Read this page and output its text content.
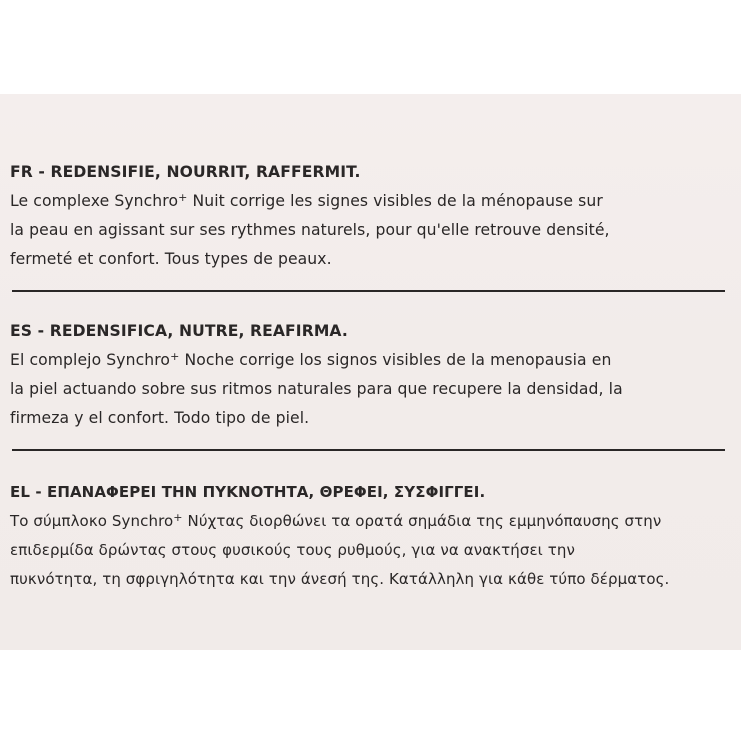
FR - REDENSIFIE, NOURRIT, RAFFERMIT.
Le complexe Synchro+ Nuit corrige les signes visibles de la ménopause sur
la peau en agissant sur ses rythmes naturels, pour qu'elle retrouve densité,
fermeté et confort. Tous types de peaux.
ES - REDENSIFICA, NUTRE, REAFIRMA.
El complejo Synchro+ Noche corrige los signos visibles de la menopausia en
la piel actuando sobre sus ritmos naturales para que recupere la densidad, la
firmeza y el confort. Todo tipo de piel.
EL - ΕΠΑΝΑΦΕΡΕΙ ΤΗΝ ΠΥΚΝΟΤΗΤΑ, ΘΡΕΦΕΙ, ΣΥΣΦΙΓΓΕΙ.
Το σύμπλοκο Synchro+ Νύχτας διορθώνει τα ορατά σημάδια της εμμηνόπαυσης στην
επιδερμίδα δρώντας στους φυσικούς τους ρυθμούς, για να ανακτήσει την
πυκνότητα, τη σφριγηλότητα και την άνεσή της. Κατάλληλη για κάθε τύπο δέρματος.
